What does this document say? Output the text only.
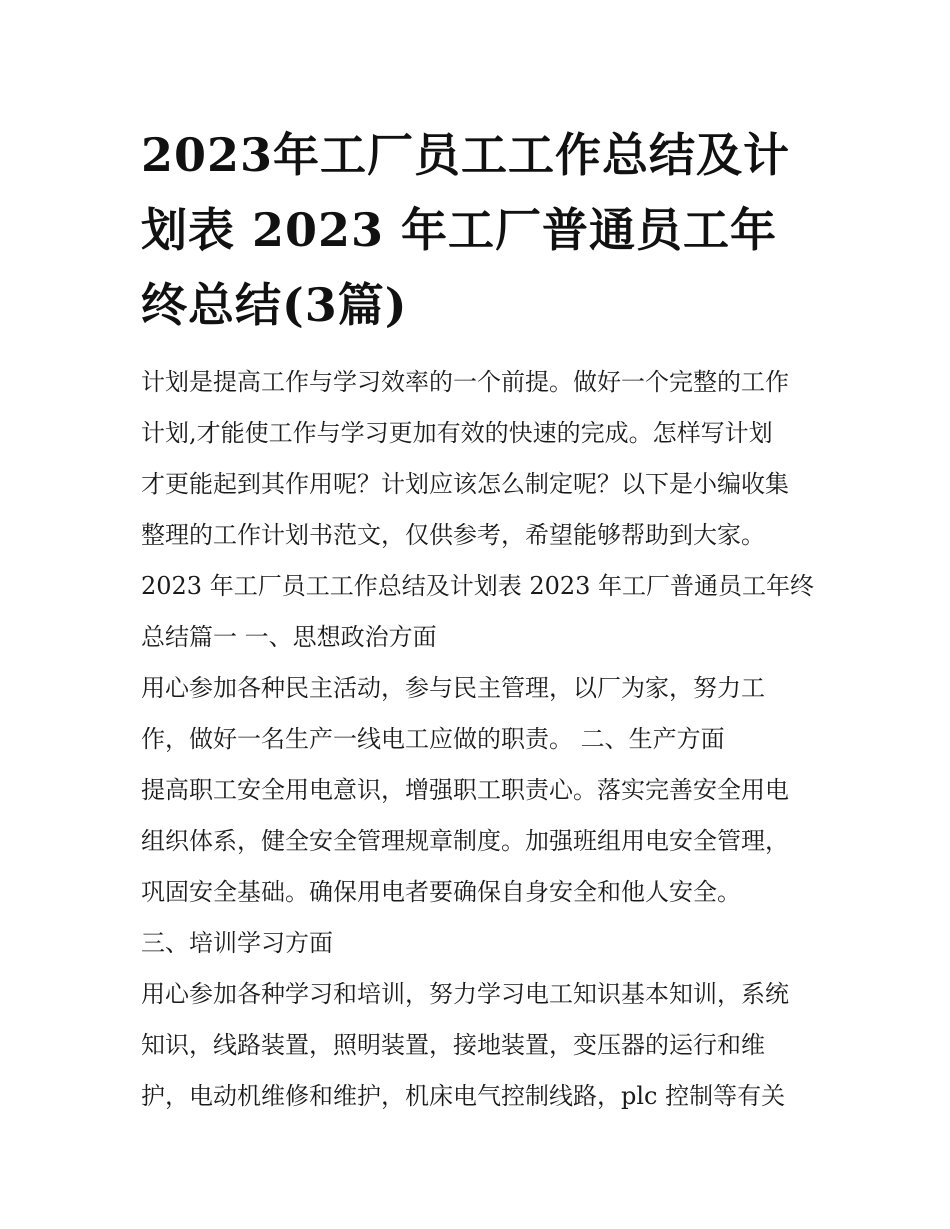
2023年工厂员工工作总结及计
划表 2023 年工厂普通员工年
终总结(3篇)

计划是提高工作与学习效率的一个前提。做好一个完整的工作
计划,才能使工作与学习更加有效的快速的完成。怎样写计划
才更能起到其作用呢？计划应该怎么制定呢？以下是小编收集
整理的工作计划书范文，仅供参考，希望能够帮助到大家。

2023 年工厂员工工作总结及计划表 2023 年工厂普通员工年终
总结篇一 一、思想政治方面

用心参加各种民主活动，参与民主管理，以厂为家，努力工
作，做好一名生产一线电工应做的职责。 二、生产方面

提高职工安全用电意识，增强职工职责心。落实完善安全用电
组织体系，健全安全管理规章制度。加强班组用电安全管理，
巩固安全基础。确保用电者要确保自身安全和他人安全。

三、培训学习方面

用心参加各种学习和培训，努力学习电工知识基本知训，系统
知识，线路装置，照明装置，接地装置，变压器的运行和维
护，电动机维修和维护，机床电气控制线路，plc 控制等有关
